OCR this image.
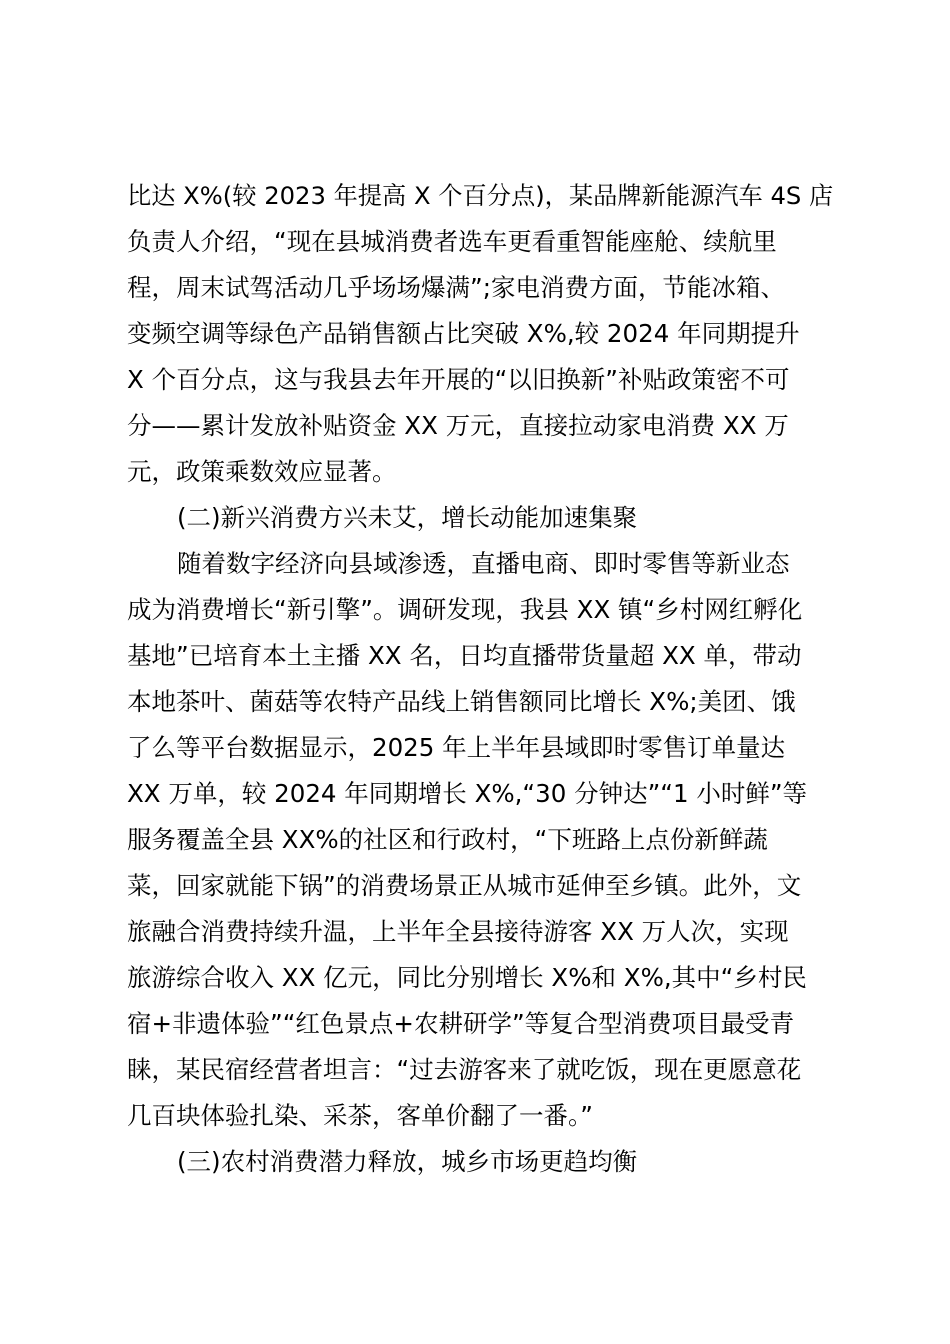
比达 X%(较 2023 年提高 X 个百分点)，某品牌新能源汽车 4S 店
负责人介绍，“现在县城消费者选车更看重智能座舱、续航里
程，周末试驾活动几乎场场爆满”;家电消费方面，节能冰箱、
变频空调等绿色产品销售额占比突破 X%,较 2024 年同期提升
X 个百分点，这与我县去年开展的“以旧换新”补贴政策密不可
分——累计发放补贴资金 XX 万元，直接拉动家电消费 XX 万
元，政策乘数效应显著。
(二)新兴消费方兴未艾，增长动能加速集聚
随着数字经济向县域渗透，直播电商、即时零售等新业态
成为消费增长“新引擎”。调研发现，我县 XX 镇“乡村网红孵化
基地”已培育本土主播 XX 名，日均直播带货量超 XX 单，带动
本地茶叶、菌菇等农特产品线上销售额同比增长 X%;美团、饿
了么等平台数据显示，2025 年上半年县域即时零售订单量达
XX 万单，较 2024 年同期增长 X%,“30 分钟达”“1 小时鲜”等
服务覆盖全县 XX%的社区和行政村，“下班路上点份新鲜蔬
菜，回家就能下锅”的消费场景正从城市延伸至乡镇。此外，文
旅融合消费持续升温，上半年全县接待游客 XX 万人次，实现
旅游综合收入 XX 亿元，同比分别增长 X%和 X%,其中“乡村民
宿+非遗体验”“红色景点+农耕研学”等复合型消费项目最受青
睐，某民宿经营者坦言：“过去游客来了就吃饭，现在更愿意花
几百块体验扎染、采茶，客单价翻了一番。”
(三)农村消费潜力释放，城乡市场更趋均衡
